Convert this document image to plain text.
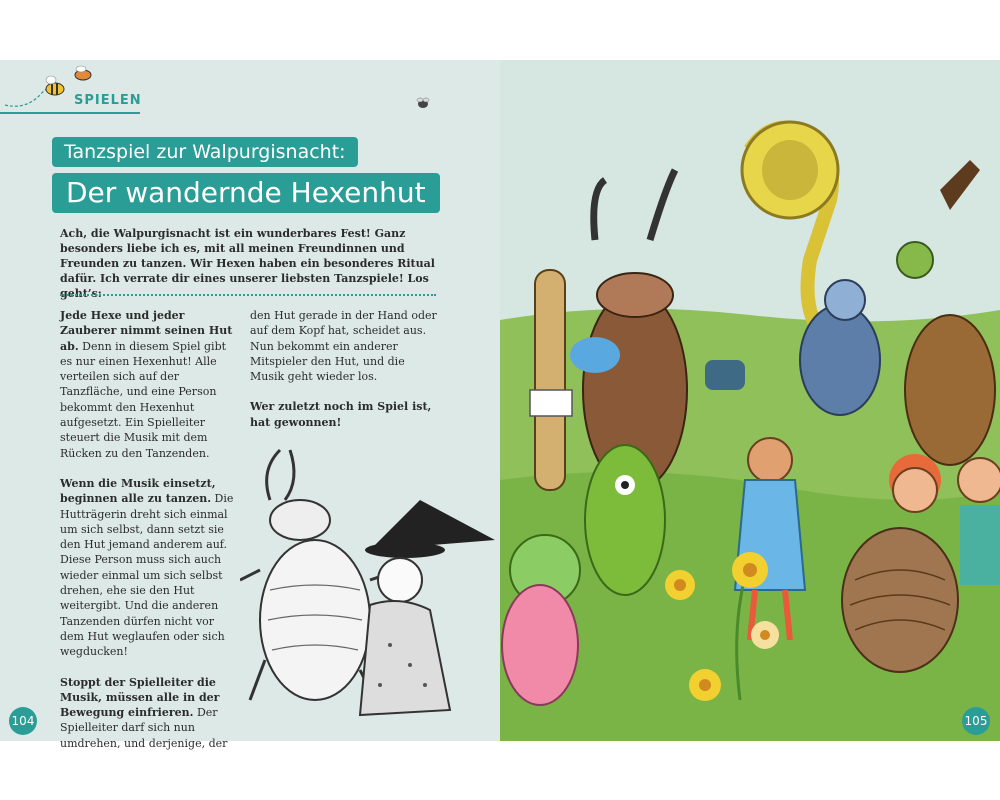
SPIELEN
Tanzspiel zur Walpurgisnacht:
Der wandernde Hexenhut
Ach, die Walpurgisnacht ist ein wunderbares Fest! Ganz besonders liebe ich es, mit all meinen Freundinnen und Freunden zu tanzen. Wir Hexen haben ein besonderes Ritual dafür. Ich verrate dir eines unserer liebsten Tanzspiele! Los geht’s:

Jede Hexe und jeder Zauberer nimmt seinen Hut ab. Denn in diesem Spiel gibt es nur einen Hexenhut! Alle verteilen sich auf der Tanzfläche, und eine Person bekommt den Hexenhut aufgesetzt. Ein Spielleiter steuert die Musik mit dem Rücken zu den Tanzenden.

Wenn die Musik einsetzt, beginnen alle zu tanzen. Die Hutträgerin dreht sich einmal um sich selbst, dann setzt sie den Hut jemand anderem auf. Diese Person muss sich auch wieder einmal um sich selbst drehen, ehe sie den Hut weitergibt. Und die anderen Tanzenden dürfen nicht vor dem Hut weglaufen oder sich wegducken!

Stoppt der Spielleiter die Musik, müssen alle in der Bewegung einfrieren. Der Spielleiter darf sich nun umdrehen, und derjenige, der

den Hut gerade in der Hand oder auf dem Kopf hat, scheidet aus. Nun bekommt ein anderer Mitspieler den Hut, und die Musik geht wieder los.

Wer zuletzt noch im Spiel ist, hat gewonnen!

104	105
